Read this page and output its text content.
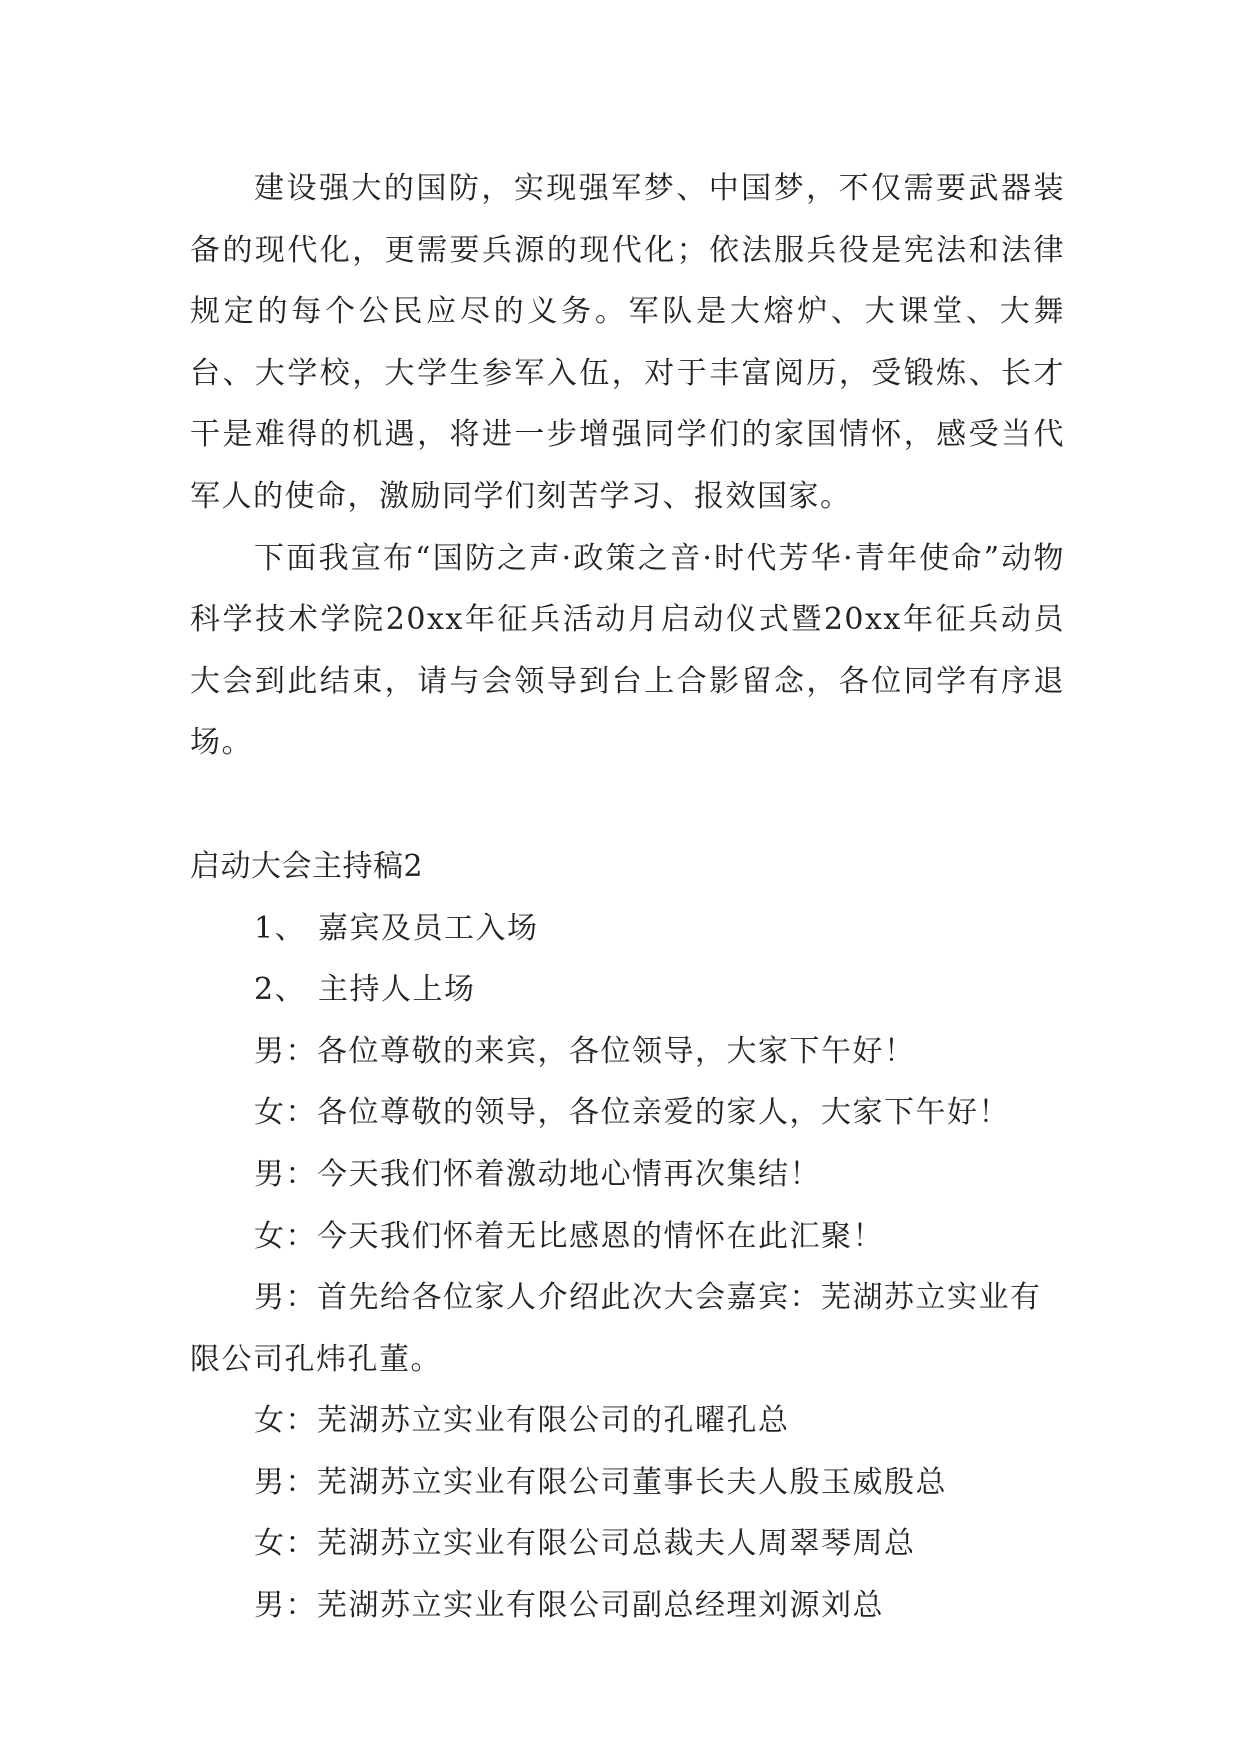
建设强大的国防，实现强军梦、中国梦，不仅需要武器装备的现代化，更需要兵源的现代化；依法服兵役是宪法和法律规定的每个公民应尽的义务。军队是大熔炉、大课堂、大舞台、大学校，大学生参军入伍，对于丰富阅历，受锻炼、长才干是难得的机遇，将进一步增强同学们的家国情怀，感受当代军人的使命，激励同学们刻苦学习、报效国家。

下面我宣布“国防之声·政策之音·时代芳华·青年使命”动物科学技术学院20xx年征兵活动月启动仪式暨20xx年征兵动员大会到此结束，请与会领导到台上合影留念，各位同学有序退场。

启动大会主持稿2

1、 嘉宾及员工入场

2、 主持人上场

男：各位尊敬的来宾，各位领导，大家下午好！

女：各位尊敬的领导，各位亲爱的家人，大家下午好！

男：今天我们怀着激动地心情再次集结！

女：今天我们怀着无比感恩的情怀在此汇聚！

男：首先给各位家人介绍此次大会嘉宾：芜湖苏立实业有限公司孔炜孔董。

女：芜湖苏立实业有限公司的孔曜孔总

男：芜湖苏立实业有限公司董事长夫人殷玉威殷总

女：芜湖苏立实业有限公司总裁夫人周翠琴周总

男：芜湖苏立实业有限公司副总经理刘源刘总
